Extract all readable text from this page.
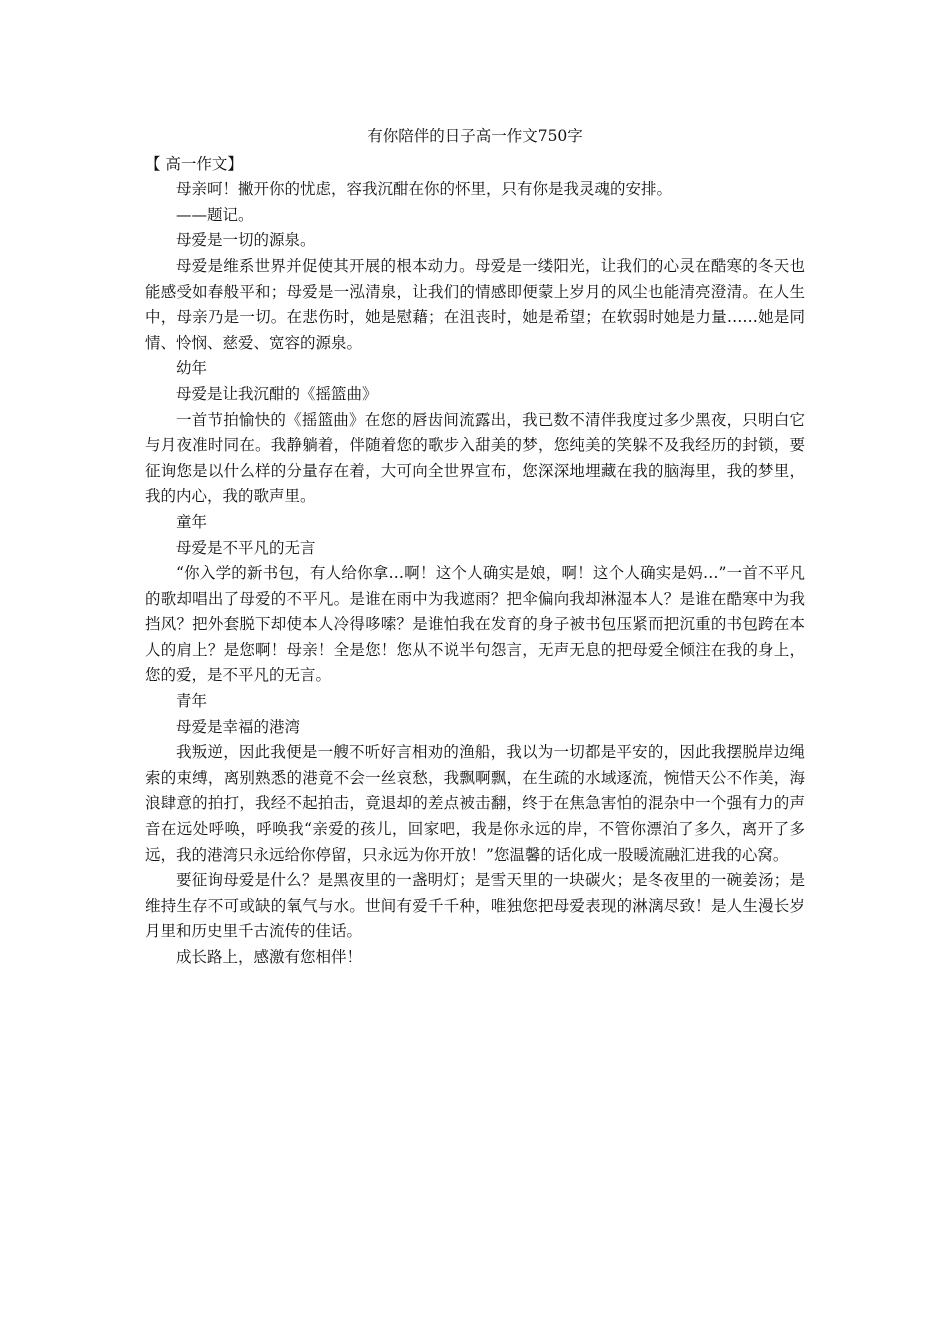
有你陪伴的日子高一作文750字

【 高一作文】

母亲呵！撇开你的忧虑，容我沉酣在你的怀里，只有你是我灵魂的安排。

——题记。

母爱是一切的源泉。

母爱是维系世界并促使其开展的根本动力。母爱是一缕阳光，让我们的心灵在酷寒的冬天也能感受如春般平和；母爱是一泓清泉，让我们的情感即便蒙上岁月的风尘也能清亮澄清。在人生中，母亲乃是一切。在悲伤时，她是慰藉；在沮丧时，她是希望；在软弱时她是力量……她是同情、怜悯、慈爱、宽容的源泉。

幼年

母爱是让我沉酣的《摇篮曲》

一首节拍愉快的《摇篮曲》在您的唇齿间流露出，我已数不清伴我度过多少黑夜，只明白它与月夜准时同在。我静躺着，伴随着您的歌步入甜美的梦，您纯美的笑躲不及我经历的封锁，要征询您是以什么样的分量存在着，大可向全世界宣布，您深深地埋藏在我的脑海里，我的梦里，我的内心，我的歌声里。

童年

母爱是不平凡的无言

“你入学的新书包，有人给你拿…啊！这个人确实是娘，啊！这个人确实是妈…”一首不平凡的歌却唱出了母爱的不平凡。是谁在雨中为我遮雨？把伞偏向我却淋湿本人？是谁在酷寒中为我挡风？把外套脱下却使本人冷得哆嗦？是谁怕我在发育的身子被书包压紧而把沉重的书包跨在本人的肩上？是您啊！母亲！全是您！您从不说半句怨言，无声无息的把母爱全倾注在我的身上，您的爱，是不平凡的无言。

青年

母爱是幸福的港湾

我叛逆，因此我便是一艘不听好言相劝的渔船，我以为一切都是平安的，因此我摆脱岸边绳索的束缚，离别熟悉的港竟不会一丝哀愁，我飘啊飘，在生疏的水域逐流，惋惜天公不作美，海浪肆意的拍打，我经不起拍击，竟退却的差点被击翻，终于在焦急害怕的混杂中一个强有力的声音在远处呼唤，呼唤我“亲爱的孩儿，回家吧，我是你永远的岸，不管你漂泊了多久，离开了多远，我的港湾只永远给你停留，只永远为你开放！”您温馨的话化成一股暖流融汇进我的心窝。

要征询母爱是什么？是黑夜里的一盏明灯；是雪天里的一块碳火；是冬夜里的一碗姜汤；是维持生存不可或缺的氧气与水。世间有爱千千种，唯独您把母爱表现的淋漓尽致！是人生漫长岁月里和历史里千古流传的佳话。

成长路上，感激有您相伴！
